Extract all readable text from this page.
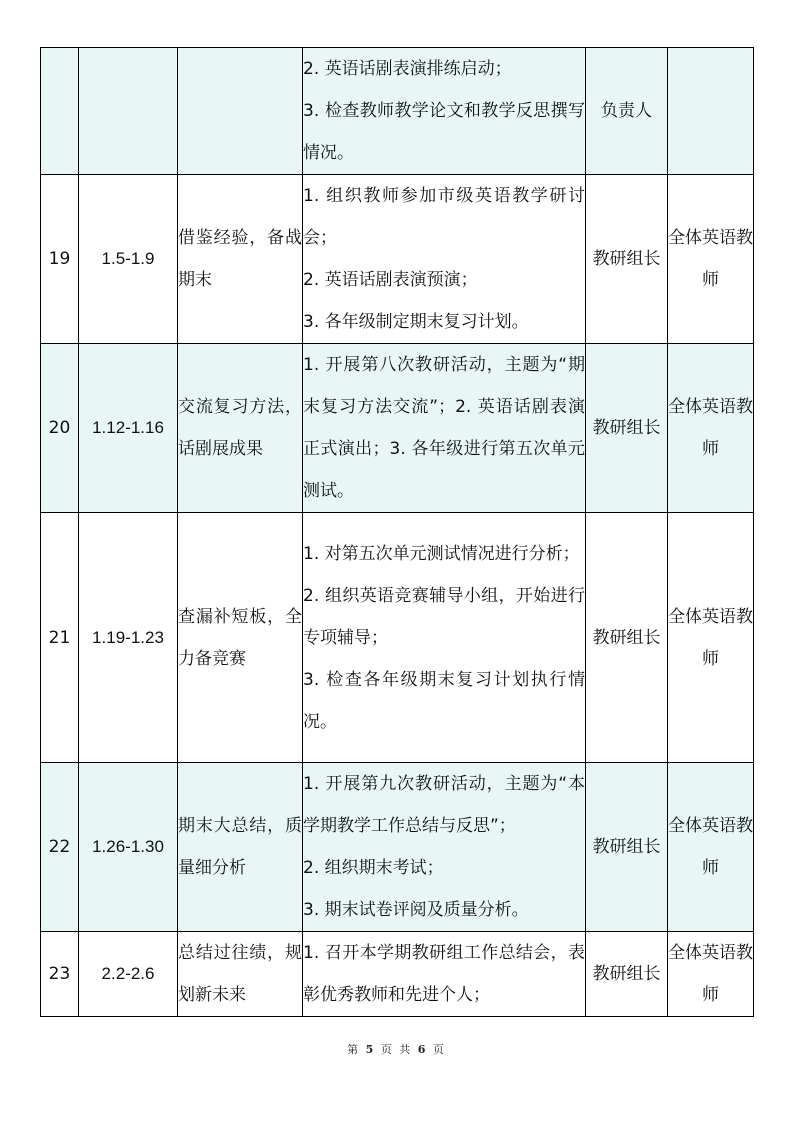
			2. 英语话剧表演排练启动；
3. 检查教师教学论文和教学反思撰写情况。	负责人	
19	1.5-1.9	借鉴经验，备战期末	1. 组织教师参加市级英语教学研讨会；
2. 英语话剧表演预演；
3. 各年级制定期末复习计划。	教研组长	全体英语教师
20	1.12-1.16	交流复习方法，话剧展成果	1. 开展第八次教研活动，主题为“期末复习方法交流”；2. 英语话剧表演正式演出；3. 各年级进行第五次单元测试。	教研组长	全体英语教师
21	1.19-1.23	查漏补短板，全力备竞赛	1. 对第五次单元测试情况进行分析；
2. 组织英语竞赛辅导小组，开始进行专项辅导；
3. 检查各年级期末复习计划执行情况。	教研组长	全体英语教师
22	1.26-1.30	期末大总结，质量细分析	1. 开展第九次教研活动，主题为“本学期教学工作总结与反思”；
2. 组织期末考试；
3. 期末试卷评阅及质量分析。	教研组长	全体英语教师
23	2.2-2.6	总结过往绩，规划新未来	1. 召开本学期教研组工作总结会，表彰优秀教师和先进个人；	教研组长	全体英语教师
第 5 页 共 6 页
